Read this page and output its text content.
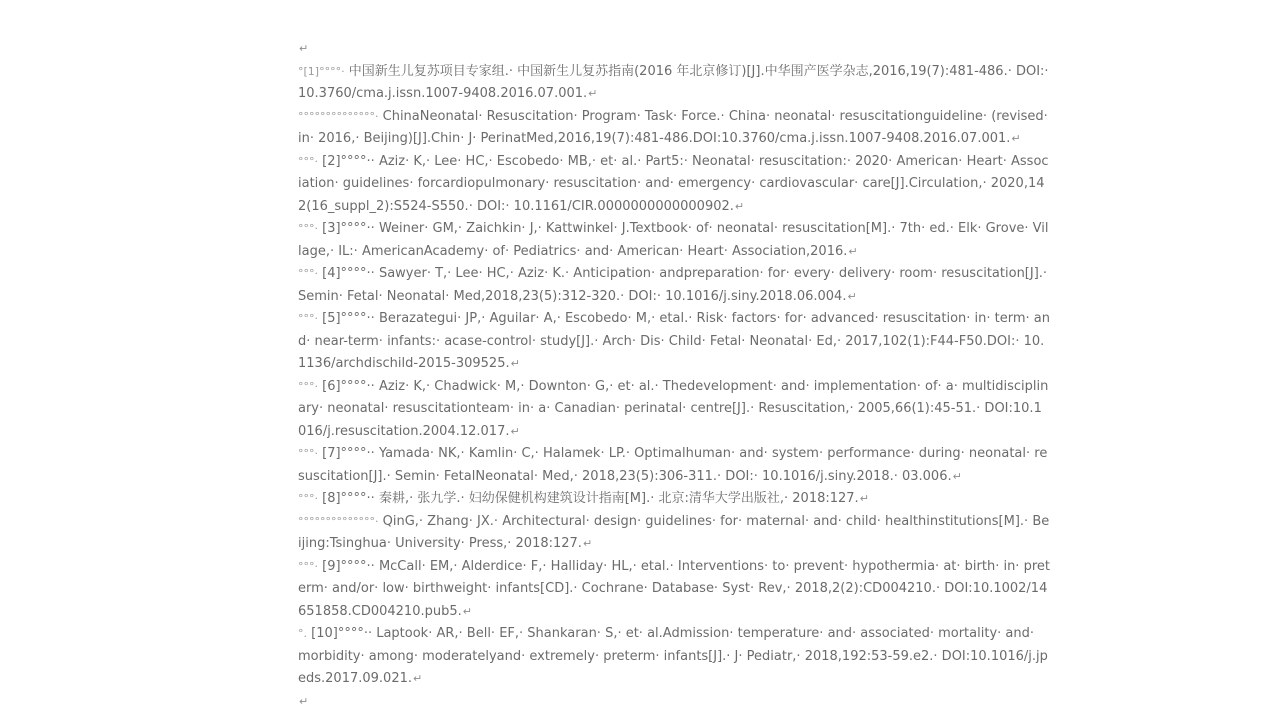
↵
°[1]°°°°· 中国新生儿复苏项目专家组.· 中国新生儿复苏指南(2016 年北京修订)[J].中华围产医学杂志,2016,19(7):481-486.· DOI:· 10.3760/cma.j.issn.1007-9408.2016.07.001.↵
°°°°°°°°°°°°°°· ChinaNeonatal· Resuscitation· Program· Task· Force.· China· neonatal· resuscitationguideline· (revised· in· 2016,· Beijing)[J].Chin· J· PerinatMed,2016,19(7):481-486.DOI:10.3760/cma.j.issn.1007-9408.2016.07.001.↵
°°°· [2]°°°°·· Aziz· K,· Lee· HC,· Escobedo· MB,· et· al.· Part5:· Neonatal· resuscitation:· 2020· American· Heart· Association· guidelines· forcardiopulmonary· resuscitation· and· emergency· cardiovascular· care[J].Circulation,· 2020,142(16_suppl_2):S524-S550.· DOI:· 10.1161/CIR.0000000000000902.↵
°°°· [3]°°°°·· Weiner· GM,· Zaichkin· J,· Kattwinkel· J.Textbook· of· neonatal· resuscitation[M].· 7th· ed.· Elk· Grove· Village,· IL:· AmericanAcademy· of· Pediatrics· and· American· Heart· Association,2016.↵
°°°· [4]°°°°·· Sawyer· T,· Lee· HC,· Aziz· K.· Anticipation· andpreparation· for· every· delivery· room· resuscitation[J].· Semin· Fetal· Neonatal· Med,2018,23(5):312-320.· DOI:· 10.1016/j.siny.2018.06.004.↵
°°°· [5]°°°°·· Berazategui· JP,· Aguilar· A,· Escobedo· M,· etal.· Risk· factors· for· advanced· resuscitation· in· term· and· near-term· infants:· acase-control· study[J].· Arch· Dis· Child· Fetal· Neonatal· Ed,· 2017,102(1):F44-F50.DOI:· 10.1136/archdischild-2015-309525.↵
°°°· [6]°°°°·· Aziz· K,· Chadwick· M,· Downton· G,· et· al.· Thedevelopment· and· implementation· of· a· multidisciplinary· neonatal· resuscitationteam· in· a· Canadian· perinatal· centre[J].· Resuscitation,· 2005,66(1):45-51.· DOI:10.1016/j.resuscitation.2004.12.017.↵
°°°· [7]°°°°·· Yamada· NK,· Kamlin· C,· Halamek· LP.· Optimalhuman· and· system· performance· during· neonatal· resuscitation[J].· Semin· FetalNeonatal· Med,· 2018,23(5):306-311.· DOI:· 10.1016/j.siny.2018.· 03.006.↵
°°°· [8]°°°°·· 秦耕,· 张九学.· 妇幼保健机构建筑设计指南[M].· 北京:清华大学出版社,· 2018:127.↵
°°°°°°°°°°°°°°· QinG,· Zhang· JX.· Architectural· design· guidelines· for· maternal· and· child· healthinstitutions[M].· Beijing:Tsinghua· University· Press,· 2018:127.↵
°°°· [9]°°°°·· McCall· EM,· Alderdice· F,· Halliday· HL,· etal.· Interventions· to· prevent· hypothermia· at· birth· in· preterm· and/or· low· birthweight· infants[CD].· Cochrane· Database· Syst· Rev,· 2018,2(2):CD004210.· DOI:10.1002/14651858.CD004210.pub5.↵
°. [10]°°°°·· Laptook· AR,· Bell· EF,· Shankaran· S,· et· al.Admission· temperature· and· associated· mortality· and· morbidity· among· moderatelyand· extremely· preterm· infants[J].· J· Pediatr,· 2018,192:53-59.e2.· DOI:10.1016/j.jpeds.2017.09.021.↵
↵
